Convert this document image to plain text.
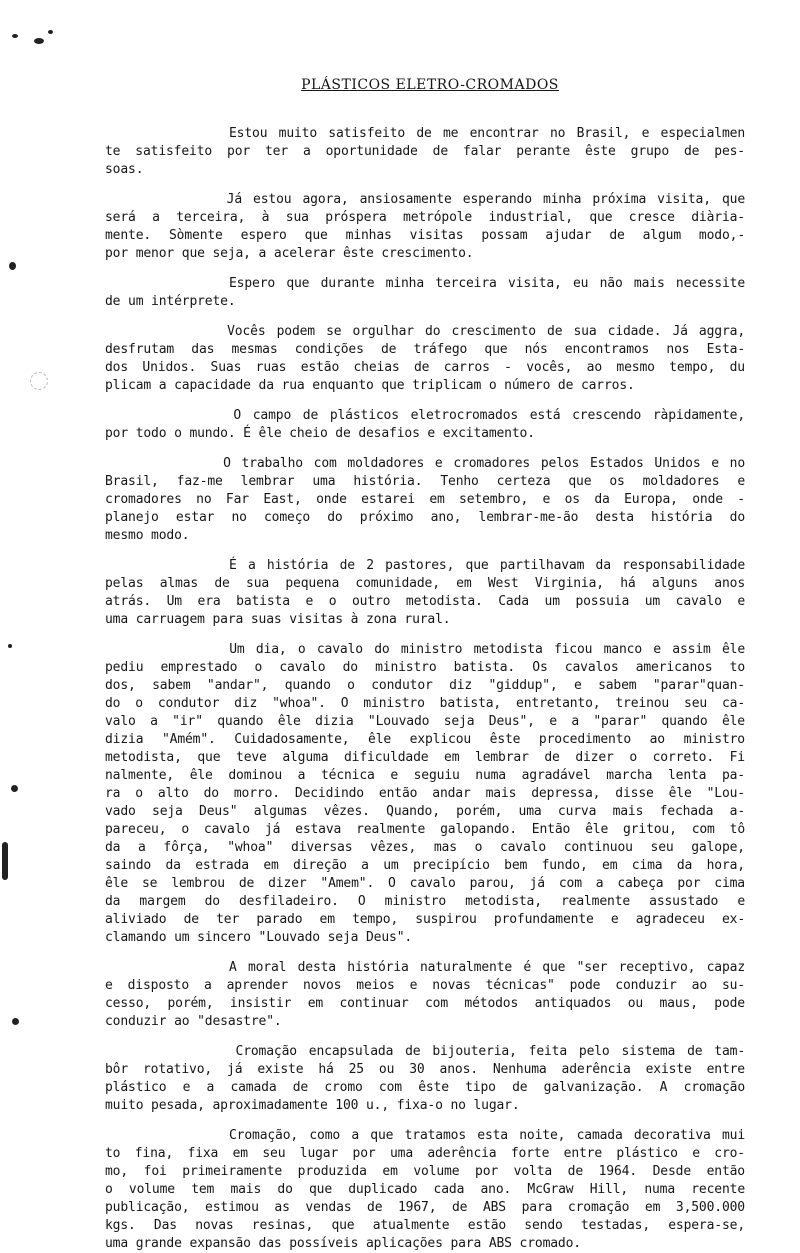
PLÁSTICOS ELETRO-CROMADOS
Estou muito satisfeito de me encontrar no Brasil, e especialmen
te satisfeito por ter a oportunidade de falar perante êste grupo de pes-
soas.
Já estou agora, ansiosamente esperando minha próxima visita, que
será a terceira, à sua próspera metrópole industrial, que cresce diària-
mente. Sòmente espero que minhas visitas possam ajudar de algum modo,-
por menor que seja, a acelerar êste crescimento.
Espero que durante minha terceira visita, eu não mais necessite
de um intérprete.
Vocês podem se orgulhar do crescimento de sua cidade. Já aggra,
desfrutam das mesmas condições de tráfego que nós encontramos nos Esta-
dos Unidos. Suas ruas estão cheias de carros - vocês, ao mesmo tempo, du
plicam a capacidade da rua enquanto que triplicam o número de carros.
O campo de plásticos eletrocromados está crescendo ràpidamente,
por todo o mundo. É êle cheio de desafios e excitamento.
O trabalho com moldadores e cromadores pelos Estados Unidos e no
Brasil, faz-me lembrar uma história. Tenho certeza que os moldadores e
cromadores no Far East, onde estarei em setembro, e os da Europa, onde -
planejo estar no começo do próximo ano, lembrar-me-ão desta história do
mesmo modo.
É a história de 2 pastores, que partilhavam da responsabilidade
pelas almas de sua pequena comunidade, em West Virginia, há alguns anos
atrás. Um era batista e o outro metodista. Cada um possuia um cavalo e
uma carruagem para suas visitas à zona rural.
Um dia, o cavalo do ministro metodista ficou manco e assim êle
pediu emprestado o cavalo do ministro batista. Os cavalos americanos to
dos, sabem "andar", quando o condutor diz "giddup", e sabem "parar"quan-
do o condutor diz "whoa". O ministro batista, entretanto, treinou seu ca-
valo a "ir" quando êle dizia "Louvado seja Deus", e a "parar" quando êle
dizia "Amém". Cuidadosamente, êle explicou êste procedimento ao ministro
metodista, que teve alguma dificuldade em lembrar de dizer o correto. Fi
nalmente, êle dominou a técnica e seguiu numa agradável marcha lenta pa-
ra o alto do morro. Decidindo então andar mais depressa, disse êle "Lou-
vado seja Deus" algumas vêzes. Quando, porém, uma curva mais fechada a-
pareceu, o cavalo já estava realmente galopando. Então êle gritou, com tô
da a fôrça, "whoa" diversas vêzes, mas o cavalo continuou seu galope,
saindo da estrada em direção a um precipício bem fundo, em cima da hora,
êle se lembrou de dizer "Amem". O cavalo parou, já com a cabeça por cima
da margem do desfiladeiro. O ministro metodista, realmente assustado e
aliviado de ter parado em tempo, suspirou profundamente e agradeceu ex-
clamando um sincero "Louvado seja Deus".
A moral desta história naturalmente é que "ser receptivo, capaz
e disposto a aprender novos meios e novas técnicas" pode conduzir ao su-
cesso, porém, insistir em continuar com métodos antiquados ou maus, pode
conduzir ao "desastre".
Cromação encapsulada de bijouteria, feita pelo sistema de tam-
bôr rotativo, já existe há 25 ou 30 anos. Nenhuma aderência existe entre
plástico e a camada de cromo com êste tipo de galvanização. A cromação
muito pesada, aproximadamente 100 u., fixa-o no lugar.
Cromação, como a que tratamos esta noite, camada decorativa mui
to fina, fixa em seu lugar por uma aderência forte entre plástico e cro-
mo, foi primeiramente produzida em volume por volta de 1964. Desde então
o volume tem mais do que duplicado cada ano. McGraw Hill, numa recente
publicação, estimou as vendas de 1967, de ABS para cromação em 3,500.000
kgs. Das novas resinas, que atualmente estão sendo testadas, espera-se,
uma grande expansão das possíveis aplicações para ABS cromado.
